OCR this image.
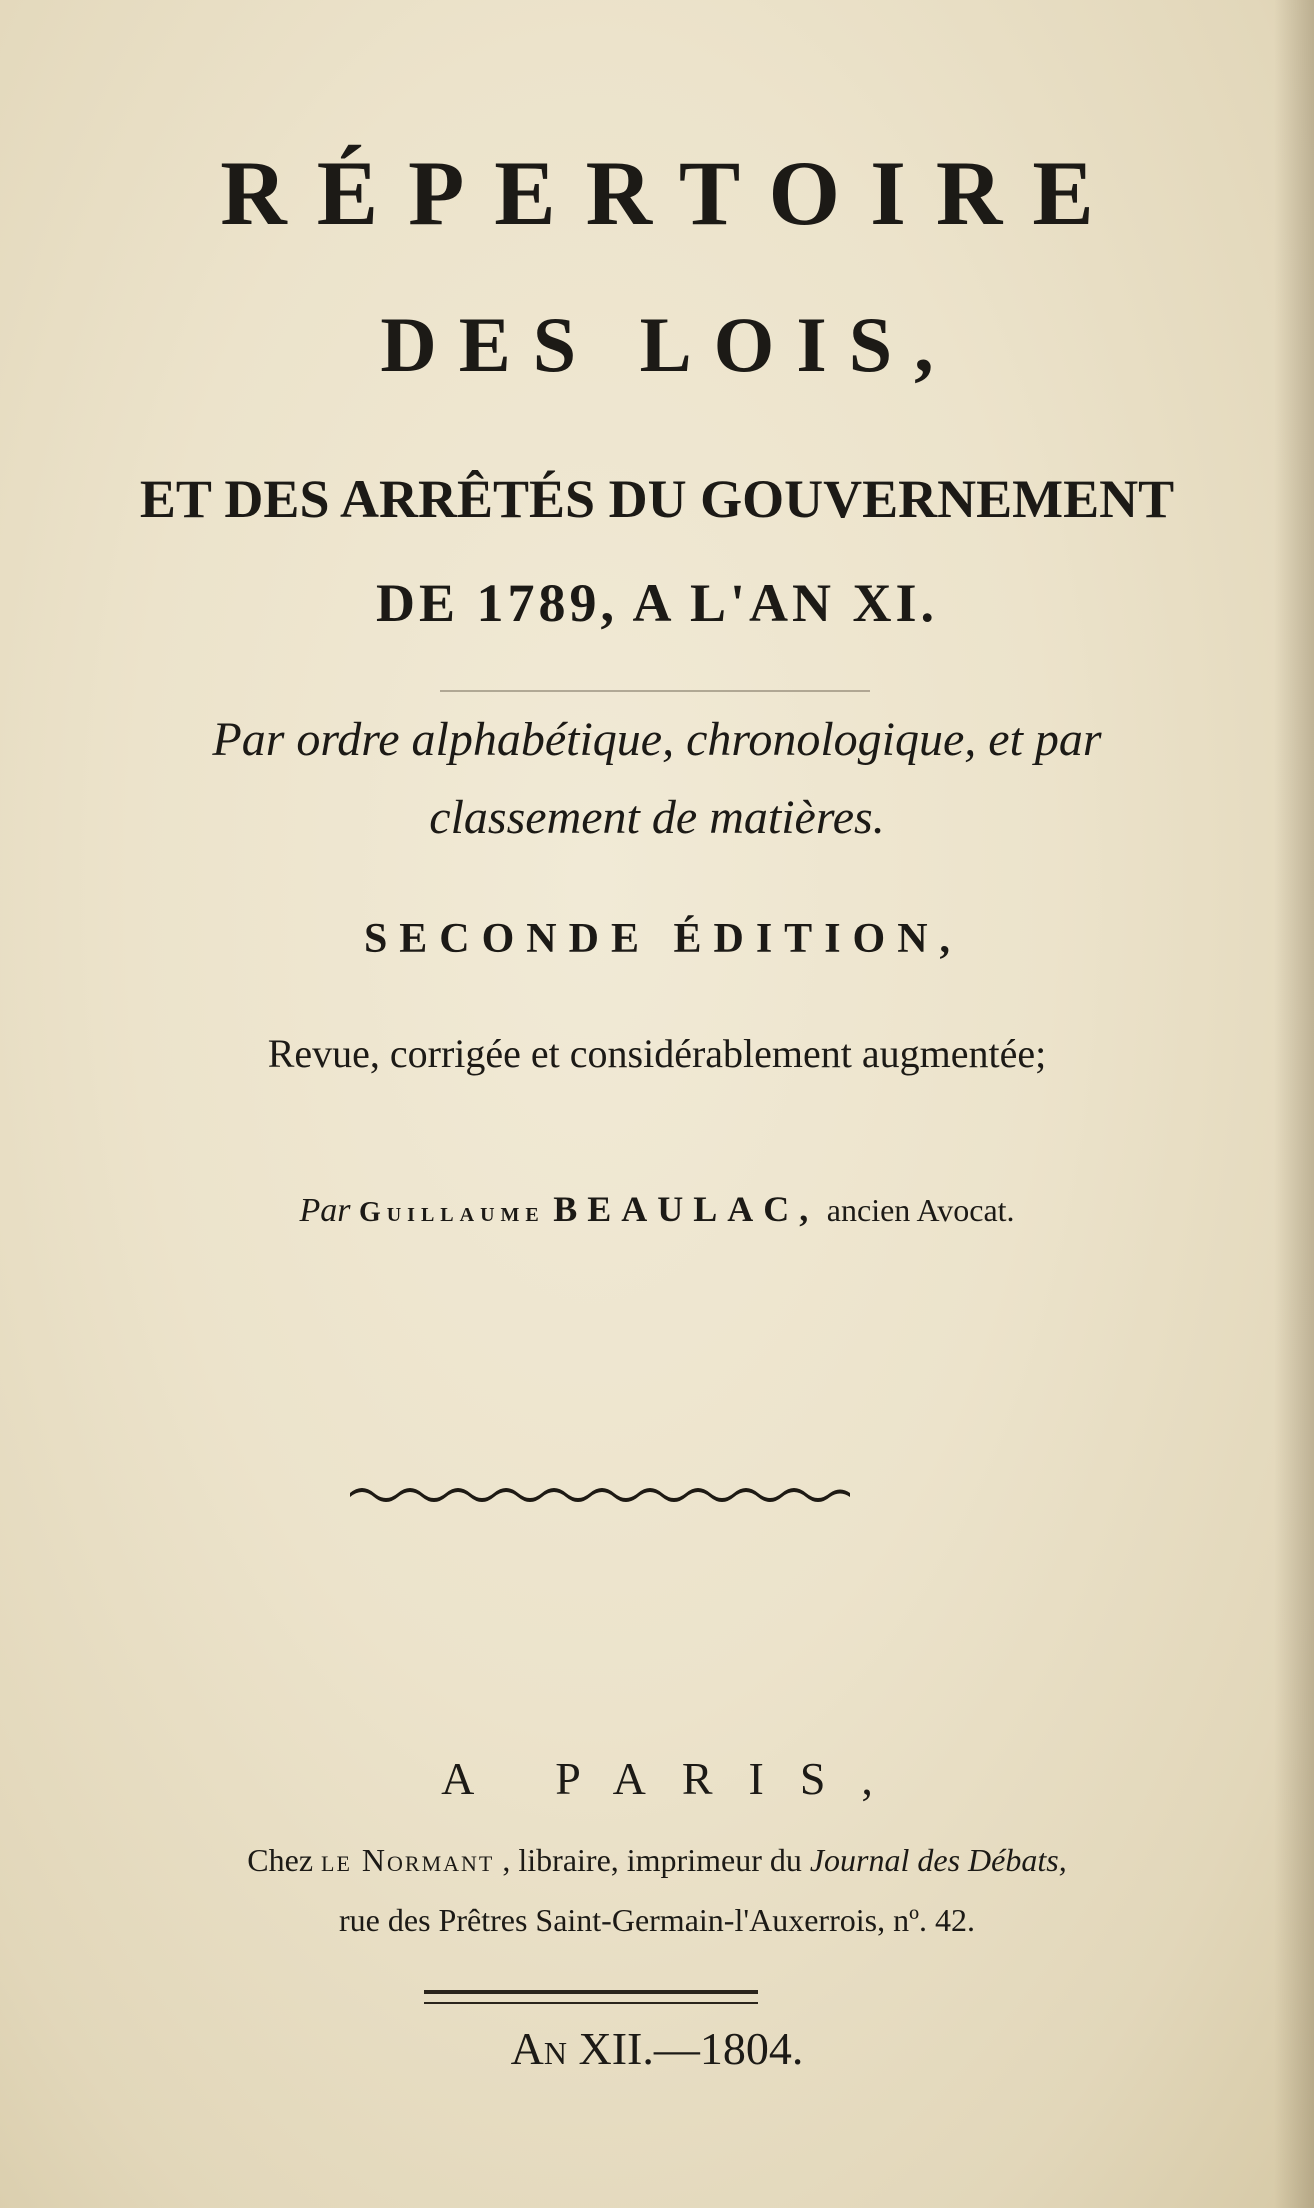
RÉPERTOIRE
DES LOIS,
ET DES ARRÊTÉS DU GOUVERNEMENT
DE 1789, A L'AN XI.
Par ordre alphabétique, chronologique, et par
classement de matières.
SECONDE ÉDITION,
Revue, corrigée et considérablement augmentée;
Par Guillaume BEAULAC, ancien Avocat.
A PARIS,
Chez le Normant , libraire, imprimeur du Journal des Débats,
rue des Prêtres Saint-Germain-l'Auxerrois, nº. 42.
An XII.—1804.
